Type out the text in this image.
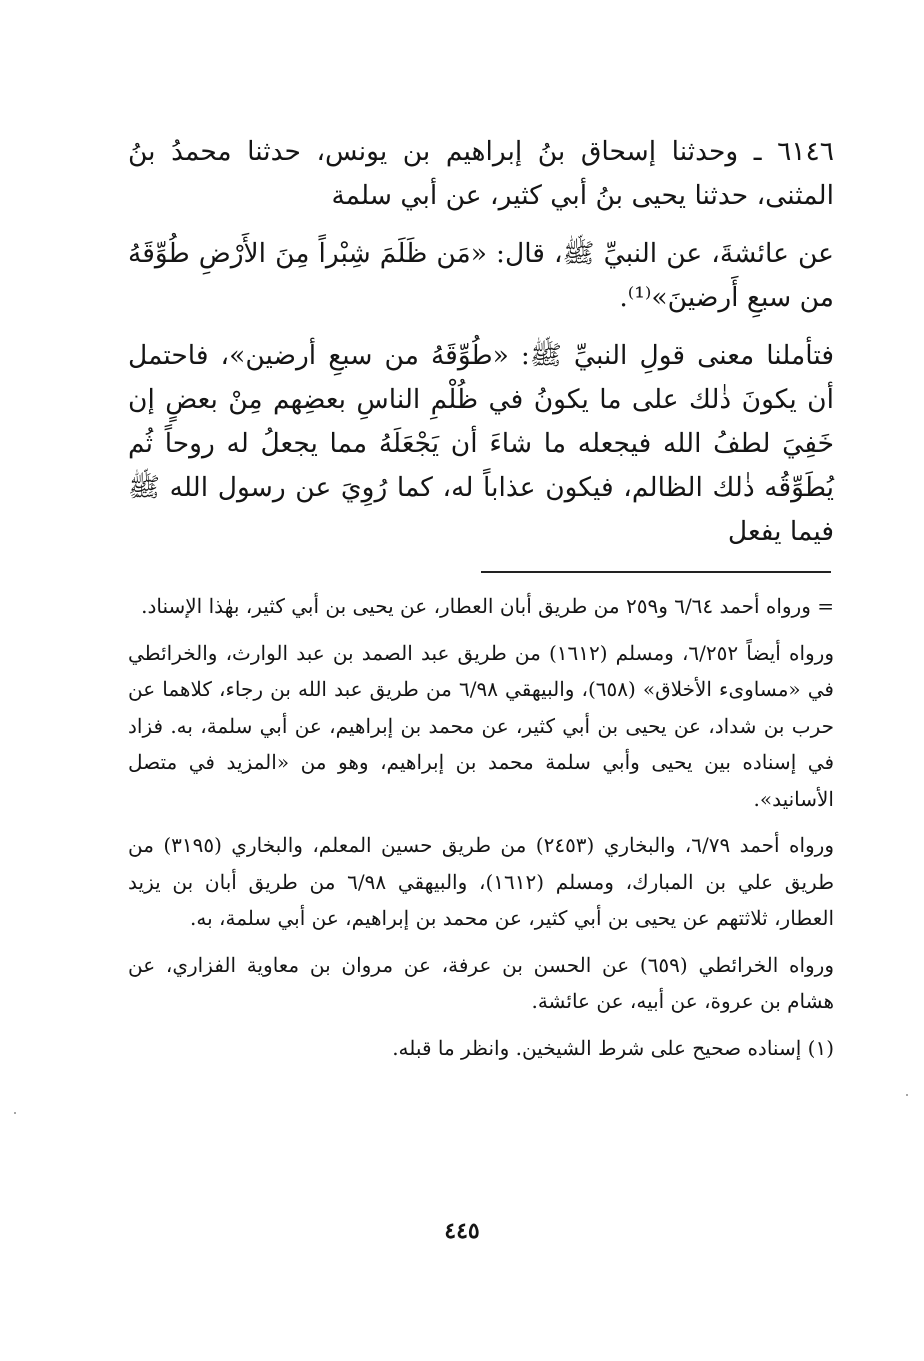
٦١٤٦ ـ وحدثنا إسحاق بنُ إبراهيم بن يونس، حدثنا محمدُ بنُ المثنى، حدثنا يحيى بنُ أبي كثير، عن أبي سلمة

عن عائشةَ، عن النبيِّ ﷺ، قال: «مَن ظَلَمَ شِبْراً مِنَ الأَرْضِ طُوِّقَهُ من سبعِ أَرضينَ»⁽¹⁾.

فتأملنا معنى قولِ النبيِّ ﷺ: «طُوِّقَهُ من سبعِ أرضين»، فاحتمل أن يكونَ ذٰلك على ما يكونُ في ظُلْمِ الناسِ بعضِهم مِنْ بعضٍ إن خَفِيَ لطفُ الله فيجعله ما شاءَ أن يَجْعَلَهُ مما يجعلُ له روحاً ثُم يُطَوِّقُه ذٰلك الظالم، فيكون عذاباً له، كما رُوِيَ عن رسول الله ﷺ فيما يفعل

= ورواه أحمد ٦/٦٤ و٢٥٩ من طريق أبان العطار، عن يحيى بن أبي كثير، بهٰذا الإسناد.

ورواه أيضاً ٦/٢٥٢، ومسلم (١٦١٢) من طريق عبد الصمد بن عبد الوارث، والخرائطي في «مساوىء الأخلاق» (٦٥٨)، والبيهقي ٦/٩٨ من طريق عبد الله بن رجاء، كلاهما عن حرب بن شداد، عن يحيى بن أبي كثير، عن محمد بن إبراهيم، عن أبي سلمة، به. فزاد في إسناده بين يحيى وأبي سلمة محمد بن إبراهيم، وهو من «المزيد في متصل الأسانيد».

ورواه أحمد ٦/٧٩، والبخاري (٢٤٥٣) من طريق حسين المعلم، والبخاري (٣١٩٥) من طريق علي بن المبارك، ومسلم (١٦١٢)، والبيهقي ٦/٩٨ من طريق أبان بن يزيد العطار، ثلاثتهم عن يحيى بن أبي كثير، عن محمد بن إبراهيم، عن أبي سلمة، به.

ورواه الخرائطي (٦٥٩) عن الحسن بن عرفة، عن مروان بن معاوية الفزاري، عن هشام بن عروة، عن أبيه، عن عائشة.

(١) إسناده صحيح على شرط الشيخين. وانظر ما قبله.

٤٤٥
